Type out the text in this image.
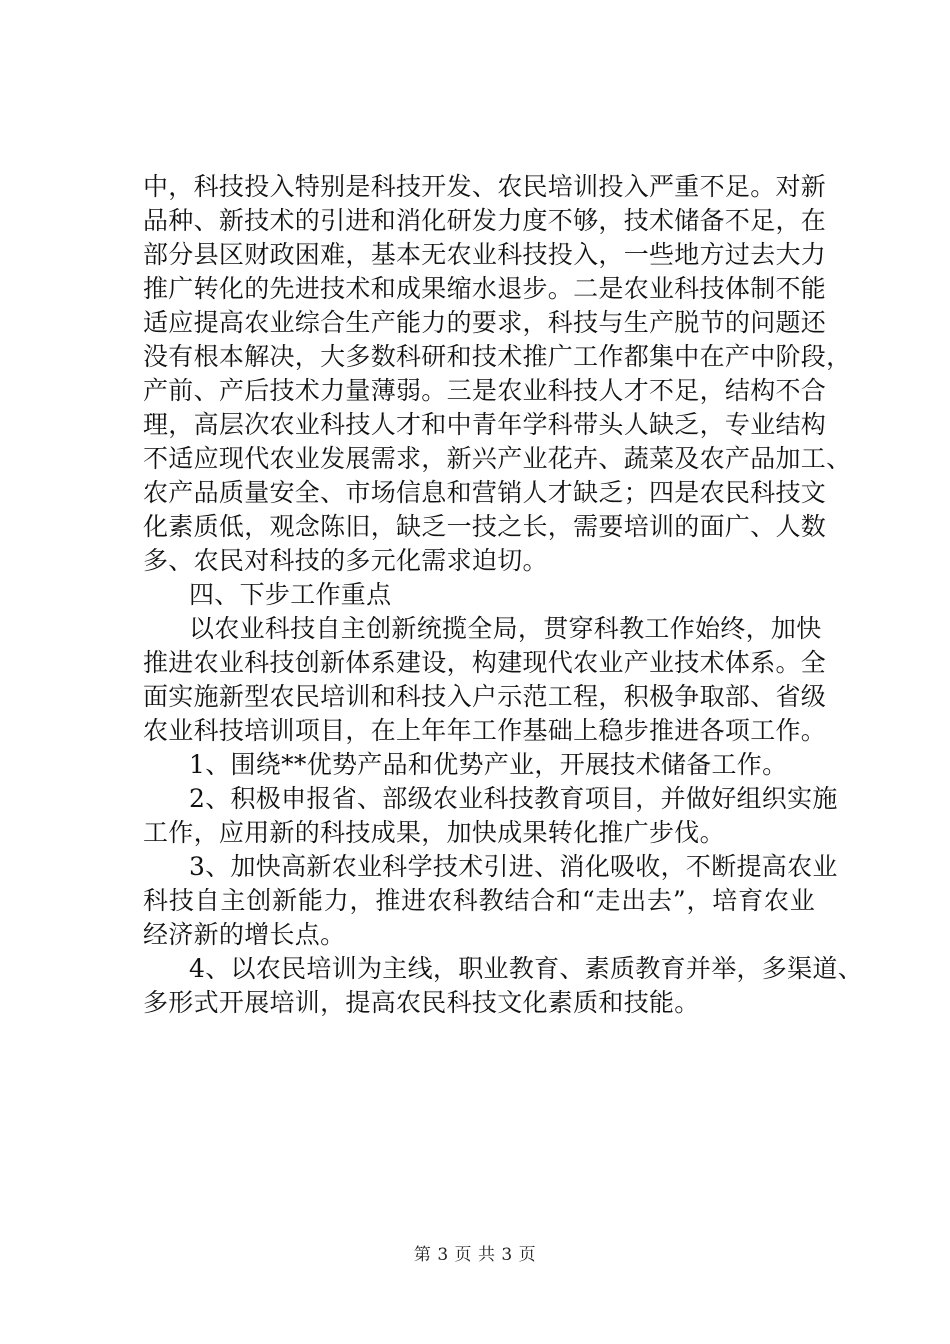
中，科技投入特别是科技开发、农民培训投入严重不足。对新
品种、新技术的引进和消化研发力度不够，技术储备不足，在
部分县区财政困难，基本无农业科技投入，一些地方过去大力
推广转化的先进技术和成果缩水退步。二是农业科技体制不能
适应提高农业综合生产能力的要求，科技与生产脱节的问题还
没有根本解决，大多数科研和技术推广工作都集中在产中阶段，
产前、产后技术力量薄弱。三是农业科技人才不足，结构不合
理，高层次农业科技人才和中青年学科带头人缺乏，专业结构
不适应现代农业发展需求，新兴产业花卉、蔬菜及农产品加工、
农产品质量安全、市场信息和营销人才缺乏；四是农民科技文
化素质低，观念陈旧，缺乏一技之长，需要培训的面广、人数
多、农民对科技的多元化需求迫切。
四、下步工作重点
以农业科技自主创新统揽全局，贯穿科教工作始终，加快
推进农业科技创新体系建设，构建现代农业产业技术体系。全
面实施新型农民培训和科技入户示范工程，积极争取部、省级
农业科技培训项目，在上年年工作基础上稳步推进各项工作。
1、围绕**优势产品和优势产业，开展技术储备工作。
2、积极申报省、部级农业科技教育项目，并做好组织实施
工作，应用新的科技成果，加快成果转化推广步伐。
3、加快高新农业科学技术引进、消化吸收，不断提高农业
科技自主创新能力，推进农科教结合和“走出去”，培育农业
经济新的增长点。
4、以农民培训为主线，职业教育、素质教育并举，多渠道、
多形式开展培训，提高农民科技文化素质和技能。
第 3 页 共 3 页
